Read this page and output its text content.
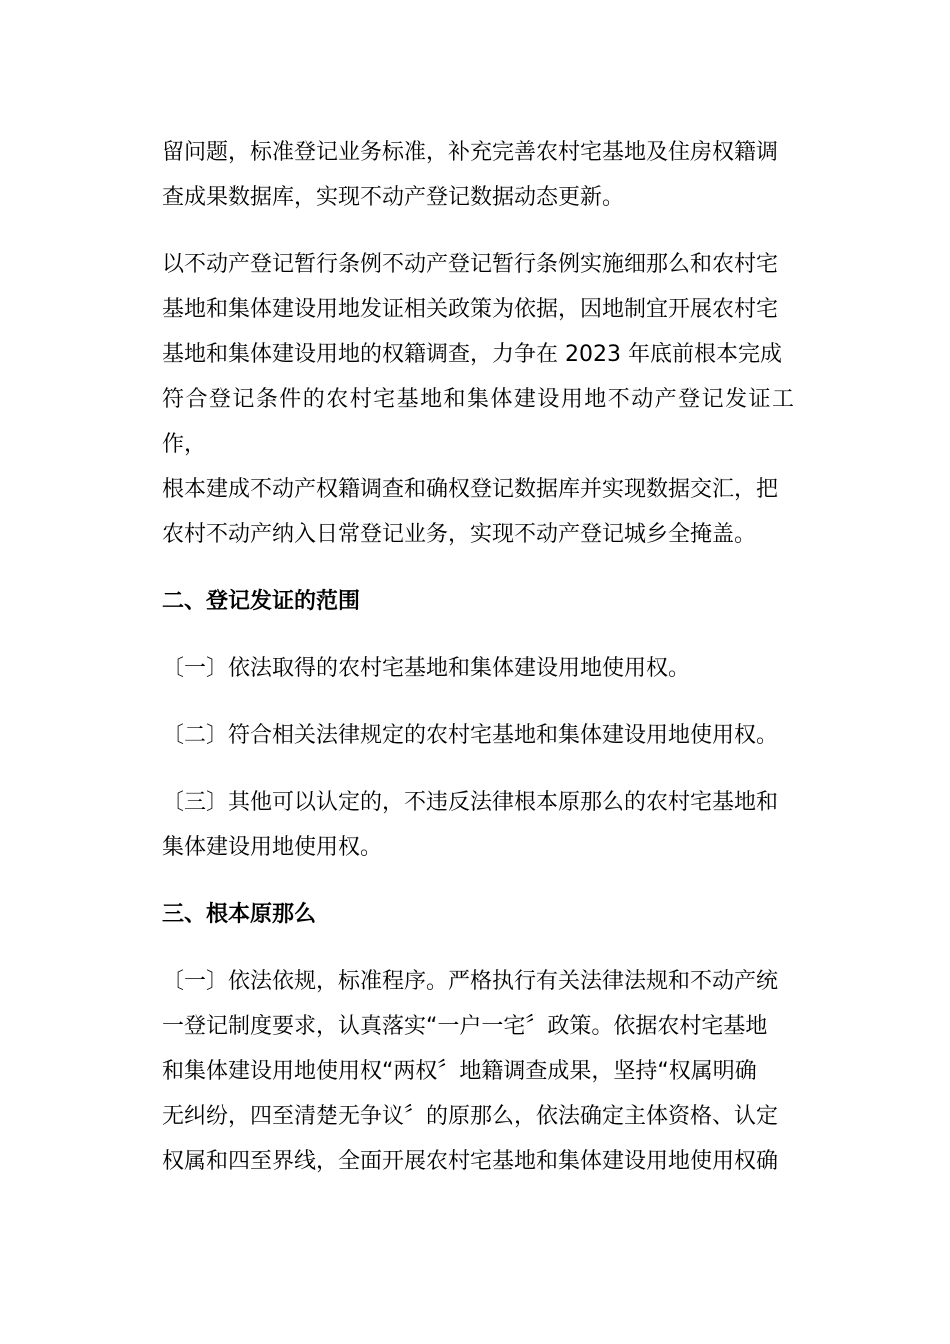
留问题，标准登记业务标准，补充完善农村宅基地及住房权籍调
查成果数据库，实现不动产登记数据动态更新。

以不动产登记暂行条例不动产登记暂行条例实施细那么和农村宅
基地和集体建设用地发证相关政策为依据，因地制宜开展农村宅
基地和集体建设用地的权籍调查，力争在 2023 年底前根本完成
符合登记条件的农村宅基地和集体建设用地不动产登记发证工作，
根本建成不动产权籍调查和确权登记数据库并实现数据交汇，把
农村不动产纳入日常登记业务，实现不动产登记城乡全掩盖。

二、登记发证的范围

〔一〕依法取得的农村宅基地和集体建设用地使用权。

〔二〕符合相关法律规定的农村宅基地和集体建设用地使用权。

〔三〕其他可以认定的，不违反法律根本原那么的农村宅基地和
集体建设用地使用权。

三、根本原那么

〔一〕依法依规，标准程序。严格执行有关法律法规和不动产统
一登记制度要求，认真落实“一户一宅〞政策。依据农村宅基地
和集体建设用地使用权“两权〞地籍调查成果，坚持“权属明确
无纠纷，四至清楚无争议〞的原那么，依法确定主体资格、认定
权属和四至界线，全面开展农村宅基地和集体建设用地使用权确
